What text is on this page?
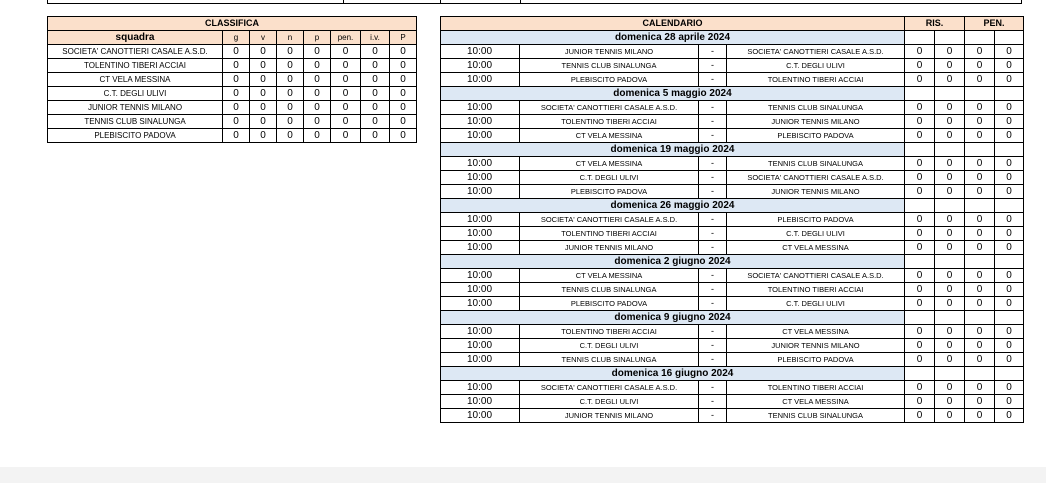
CLASSIFICA							
squadra	g	v	n	p	pen.	i.v.	P
SOCIETA' CANOTTIERI CASALE A.S.D.	0	0	0	0	0	0	0
TOLENTINO TIBERI ACCIAI	0	0	0	0	0	0	0
CT VELA MESSINA	0	0	0	0	0	0	0
C.T. DEGLI ULIVI	0	0	0	0	0	0	0
JUNIOR TENNIS MILANO	0	0	0	0	0	0	0
TENNIS CLUB SINALUNGA	0	0	0	0	0	0	0
PLEBISCITO PADOVA	0	0	0	0	0	0	0
CALENDARIO				RIS.		PEN.	
domenica 28 aprile 2024							
10:00	JUNIOR TENNIS MILANO	-	SOCIETA' CANOTTIERI CASALE A.S.D.	0	0	0	0
10:00	TENNIS CLUB SINALUNGA	-	C.T. DEGLI ULIVI	0	0	0	0
10:00	PLEBISCITO PADOVA	-	TOLENTINO TIBERI ACCIAI	0	0	0	0
domenica 5 maggio 2024							
10:00	SOCIETA' CANOTTIERI CASALE A.S.D.	-	TENNIS CLUB SINALUNGA	0	0	0	0
10:00	TOLENTINO TIBERI ACCIAI	-	JUNIOR TENNIS MILANO	0	0	0	0
10:00	CT VELA MESSINA	-	PLEBISCITO PADOVA	0	0	0	0
domenica 19 maggio 2024							
10:00	CT VELA MESSINA	-	TENNIS CLUB SINALUNGA	0	0	0	0
10:00	C.T. DEGLI ULIVI	-	SOCIETA' CANOTTIERI CASALE A.S.D.	0	0	0	0
10:00	PLEBISCITO PADOVA	-	JUNIOR TENNIS MILANO	0	0	0	0
domenica 26 maggio 2024							
10:00	SOCIETA' CANOTTIERI CASALE A.S.D.	-	PLEBISCITO PADOVA	0	0	0	0
10:00	TOLENTINO TIBERI ACCIAI	-	C.T. DEGLI ULIVI	0	0	0	0
10:00	JUNIOR TENNIS MILANO	-	CT VELA MESSINA	0	0	0	0
domenica 2 giugno 2024							
10:00	CT VELA MESSINA	-	SOCIETA' CANOTTIERI CASALE A.S.D.	0	0	0	0
10:00	TENNIS CLUB SINALUNGA	-	TOLENTINO TIBERI ACCIAI	0	0	0	0
10:00	PLEBISCITO PADOVA	-	C.T. DEGLI ULIVI	0	0	0	0
domenica 9 giugno 2024							
10:00	TOLENTINO TIBERI ACCIAI	-	CT VELA MESSINA	0	0	0	0
10:00	C.T. DEGLI ULIVI	-	JUNIOR TENNIS MILANO	0	0	0	0
10:00	TENNIS CLUB SINALUNGA	-	PLEBISCITO PADOVA	0	0	0	0
domenica 16 giugno 2024							
10:00	SOCIETA' CANOTTIERI CASALE A.S.D.	-	TOLENTINO TIBERI ACCIAI	0	0	0	0
10:00	C.T. DEGLI ULIVI	-	CT VELA MESSINA	0	0	0	0
10:00	JUNIOR TENNIS MILANO	-	TENNIS CLUB SINALUNGA	0	0	0	0
